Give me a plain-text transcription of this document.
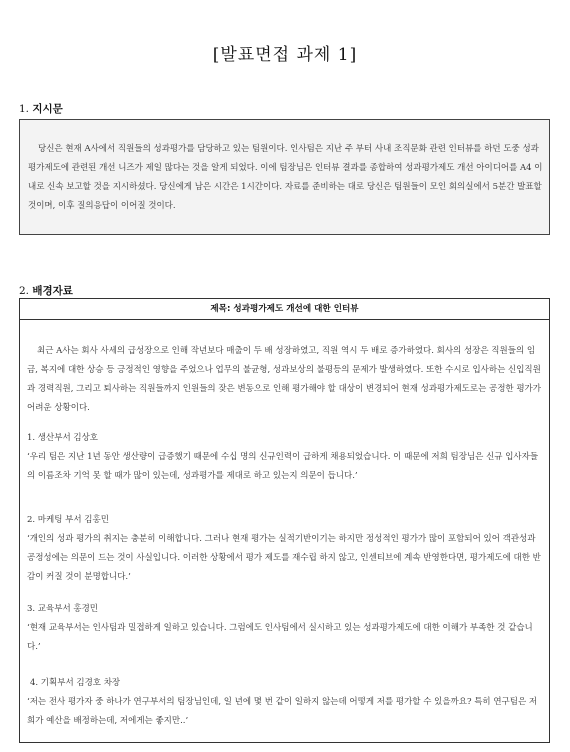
[발표면접 과제 1]
1. 지시문
당신은 현재 A사에서 직원들의 성과평가를 담당하고 있는 팀원이다. 인사팀은 지난 주 부터 사내 조직문화 관련 인터뷰를 하던 도중 성과평가제도에 관련된 개선 니즈가 제일 많다는 것을 알게 되었다. 이에 팀장님은 인터뷰 결과를 종합하여 성과평가제도 개선 아이디어를 A4 이내로 신속 보고할 것을 지시하셨다. 당신에게 남은 시간은 1시간이다. 자료를 준비하는 대로 당신은 팀원들이 모인 회의실에서 5분간 발표할 것이며, 이후 질의응답이 이어질 것이다.
2. 배경자료
제목: 성과평가제도 개선에 대한 인터뷰
최근 A사는 회사 사세의 급성장으로 인해 작년보다 매출이 두 배 성장하였고, 직원 역시 두 배로 증가하였다. 회사의 성장은 직원들의 임금, 복지에 대한 상승 등 긍정적인 영향을 주었으나 업무의 불균형, 성과보상의 불평등의 문제가 발생하였다. 또한 수시로 입사하는 신입직원과 경력직원, 그리고 퇴사하는 직원들까지 인원들의 잦은 변동으로 인해 평가해야 할 대상이 변경되어 현재 성과평가제도로는 공정한 평가가 어려운 상황이다.
1. 생산부서 김상호
‘우리 팀은 지난 1년 동안 생산량이 급증했기 때문에 수십 명의 신규인력이 급하게 채용되었습니다. 이 때문에 저희 팀장님은 신규 입사자들의 이름조차 기억 못 할 때가 많이 있는데, 성과평가를 제대로 하고 있는지 의문이 듭니다.’
2. 마케팅 부서 김홍민
‘개인의 성과 평가의 취지는 충분히 이해합니다. 그러나 현재 평가는 실적기반이기는 하지만 정성적인 평가가 많이 포함되어 있어 객관성과 공정성에는 의문이 드는 것이 사실입니다. 이러한 상황에서 평가 제도를 재수립 하지 않고, 인센티브에 계속 반영한다면, 평가제도에 대한 반감이 커질 것이 분명합니다.’
3. 교육부서 홍경민
‘현재 교육부서는 인사팀과 밀접하게 일하고 있습니다. 그럼에도 인사팀에서 실시하고 있는 성과평가제도에 대한 이해가 부족한 것 같습니다.’
4. 기획부서 김경호 차장
‘저는 전사 평가자 중 하나가 연구부서의 팀장님인데, 일 년에 몇 번 같이 일하지 않는데 어떻게 저를 평가할 수 있을까요? 특히 연구팀은 저희가 예산을 배정하는데, 저에게는 좋지만..’
